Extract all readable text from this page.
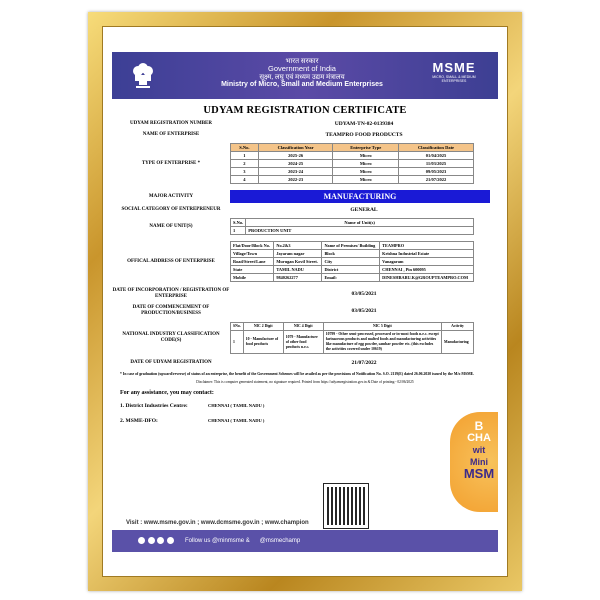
भारत सरकार
Government of India
सूक्ष्म, लघु एवं मध्यम उद्यम मंत्रालय
Ministry of Micro, Small and Medium Enterprises
MSME
MICRO, SMALL & MEDIUM ENTERPRISES
UDYAM REGISTRATION CERTIFICATE
UDYAM REGISTRATION NUMBER	UDYAM-TN-02-0139384
NAME OF ENTERPRISE	TEAMPRO FOOD PRODUCTS
TYPE OF ENTERPRISE *
S.No.	Classification Year	Enterprise Type	Classification Date
1	2025-26	Micro	01/04/2025
2	2024-25	Micro	11/03/2025
3	2023-24	Micro	09/05/2023
4	2022-23	Micro	21/07/2022
MAJOR ACTIVITY	MANUFACTURING
SOCIAL CATEGORY OF ENTREPRENEUR	GENERAL
NAME OF UNIT(S)
S.No.	Name of Unit(s)
1	PRODUCTION UNIT
OFFICAL ADDRESS OF ENTERPRISE
Flat/Door/Block No.	No.2&3	Name of Premises/ Building	TEAMPRO
Village/Town	Jayaram nagar	Block	Krishna Industrial Estate
Road/Street/Lane	Murugan Kovil Street.	City	Vanagaram
State	TAMIL NADU	District	CHENNAI , Pin 600095
Mobile	9840262277	Email:	DINESHBABU.K@GROUPTEAMPRO.COM
DATE OF INCORPORATION / REGISTRATION OF ENTERPRISE	03/05/2021
DATE OF COMMENCEMENT OF PRODUCTION/BUSINESS	03/05/2021
NATIONAL INDUSTRY CLASSIFICATION CODE(S)
SNo.	NIC 2 Digit	NIC 4 Digit	NIC 5 Digit	Activity
1	10 - Manufacture of food products	1079 - Manufacture of other food products n.e.c.	10799 - Other semi-processed, processed or in-most foods n.e.c. except farinaceous products and malted foods and manufacturing activities like manufacture of egg powder, sambar powder etc. (this excludes the activities covered under 10619)	Manufacturing
DATE OF UDYAM REGISTRATION	21/07/2022
* In case of graduation (upward/reverse) of status of an enterprise, the benefit of the Government Schemes will be availed as per the provisions of Notification No. S.O. 2119(E) dated 26.06.2020 issued by the M/o MSME.
Disclaimer: This is computer generated statement, no signature required. Printed from https://udyamregistration.gov.in & Date of printing:- 02/06/2025
For any assistance, you may contact:
1. District Industries Centre:	CHENNAI ( TAMIL NADU )
2. MSME-DFO:	CHENNAI ( TAMIL NADU )	B
CHA
wit
Mini
MSM
Visit : www.msme.gov.in ; www.dcmsme.gov.in ; www.champion

Follow us @minmsme & @msmechamp
